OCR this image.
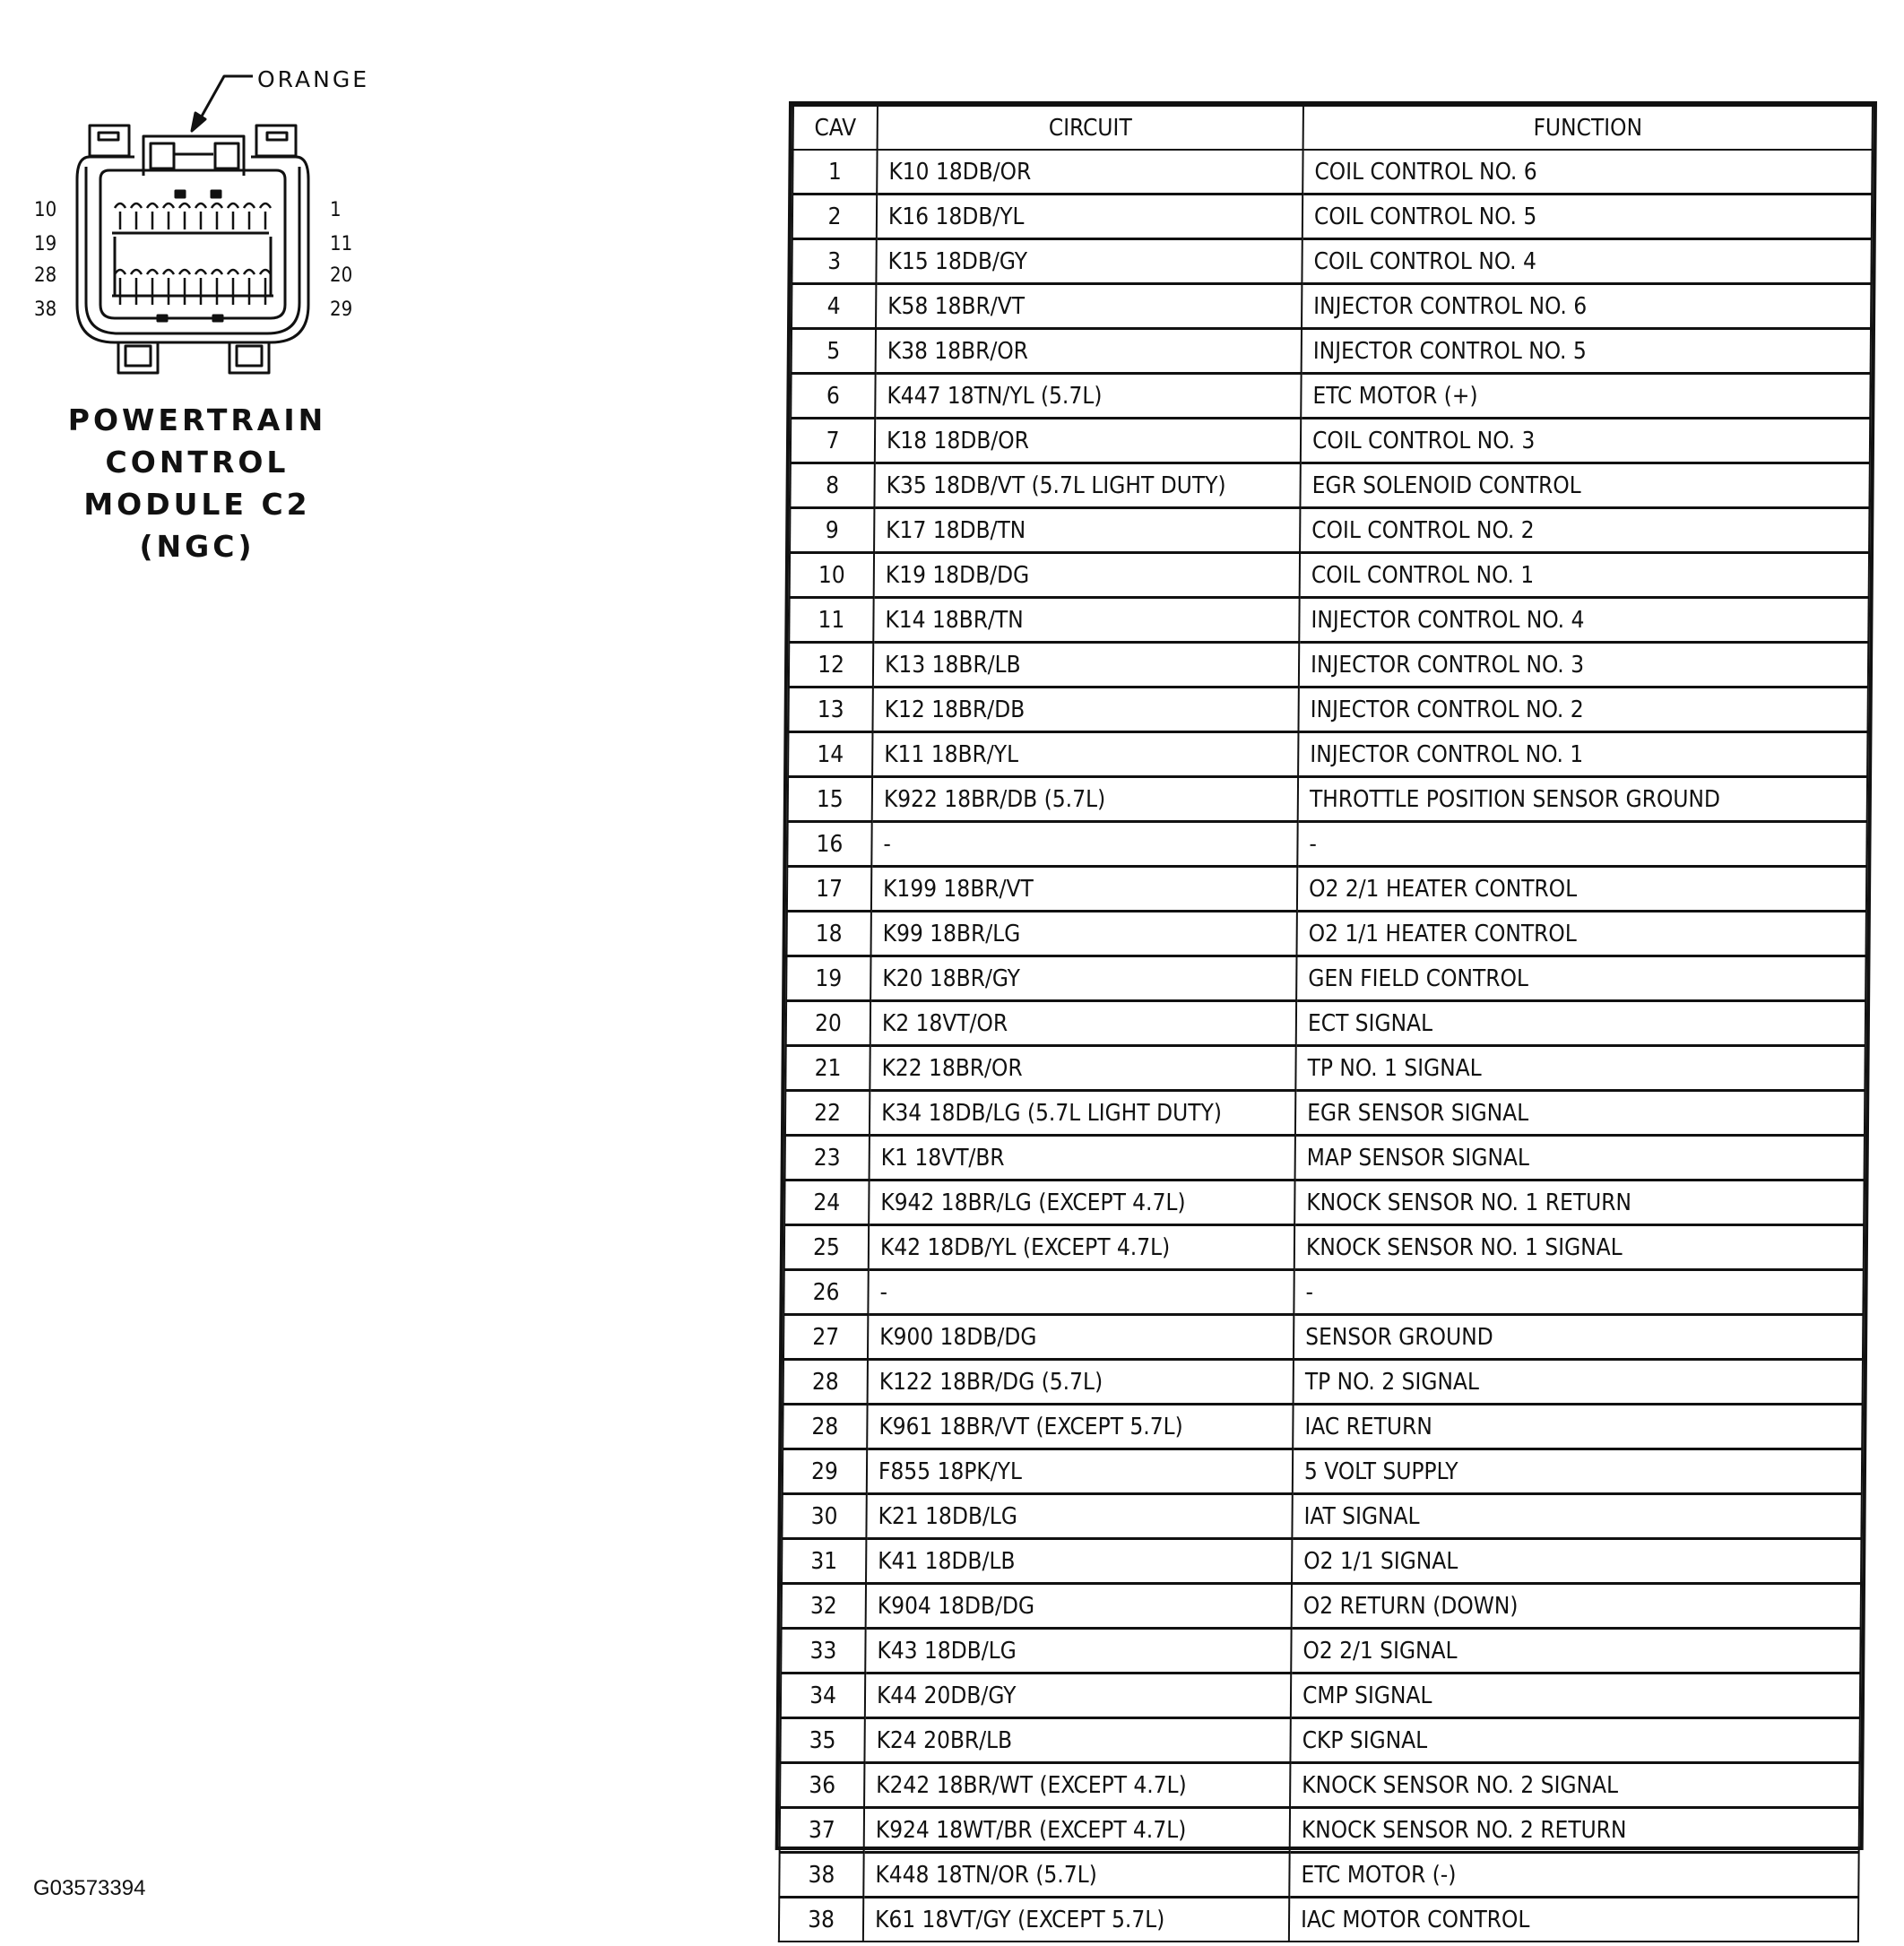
ORANGE
10
19
28
38
1
11
20
29
POWERTRAIN
CONTROL
MODULE C2
(NGC)
CAV	CIRCUIT	FUNCTION
1	K10 18DB/OR	COIL CONTROL NO. 6
2	K16 18DB/YL	COIL CONTROL NO. 5
3	K15 18DB/GY	COIL CONTROL NO. 4
4	K58 18BR/VT	INJECTOR CONTROL NO. 6
5	K38 18BR/OR	INJECTOR CONTROL NO. 5
6	K447 18TN/YL (5.7L)	ETC MOTOR (+)
7	K18 18DB/OR	COIL CONTROL NO. 3
8	K35 18DB/VT (5.7L LIGHT DUTY)	EGR SOLENOID CONTROL
9	K17 18DB/TN	COIL CONTROL NO. 2
10	K19 18DB/DG	COIL CONTROL NO. 1
11	K14 18BR/TN	INJECTOR CONTROL NO. 4
12	K13 18BR/LB	INJECTOR CONTROL NO. 3
13	K12 18BR/DB	INJECTOR CONTROL NO. 2
14	K11 18BR/YL	INJECTOR CONTROL NO. 1
15	K922 18BR/DB (5.7L)	THROTTLE POSITION SENSOR GROUND
16	-	-
17	K199 18BR/VT	O2 2/1 HEATER CONTROL
18	K99 18BR/LG	O2 1/1 HEATER CONTROL
19	K20 18BR/GY	GEN FIELD CONTROL
20	K2 18VT/OR	ECT SIGNAL
21	K22 18BR/OR	TP NO. 1 SIGNAL
22	K34 18DB/LG (5.7L LIGHT DUTY)	EGR SENSOR SIGNAL
23	K1 18VT/BR	MAP SENSOR SIGNAL
24	K942 18BR/LG (EXCEPT 4.7L)	KNOCK SENSOR NO. 1 RETURN
25	K42 18DB/YL (EXCEPT 4.7L)	KNOCK SENSOR NO. 1 SIGNAL
26	-	-
27	K900 18DB/DG	SENSOR GROUND
28	K122 18BR/DG (5.7L)	TP NO. 2 SIGNAL
28	K961 18BR/VT (EXCEPT 5.7L)	IAC RETURN
29	F855 18PK/YL	5 VOLT SUPPLY
30	K21 18DB/LG	IAT SIGNAL
31	K41 18DB/LB	O2 1/1 SIGNAL
32	K904 18DB/DG	O2 RETURN (DOWN)
33	K43 18DB/LG	O2 2/1 SIGNAL
34	K44 20DB/GY	CMP SIGNAL
35	K24 20BR/LB	CKP SIGNAL
36	K242 18BR/WT (EXCEPT 4.7L)	KNOCK SENSOR NO. 2 SIGNAL
37	K924 18WT/BR (EXCEPT 4.7L)	KNOCK SENSOR NO. 2 RETURN
38	K448 18TN/OR (5.7L)	ETC MOTOR (-)
38	K61 18VT/GY (EXCEPT 5.7L)	IAC MOTOR CONTROL
G03573394
